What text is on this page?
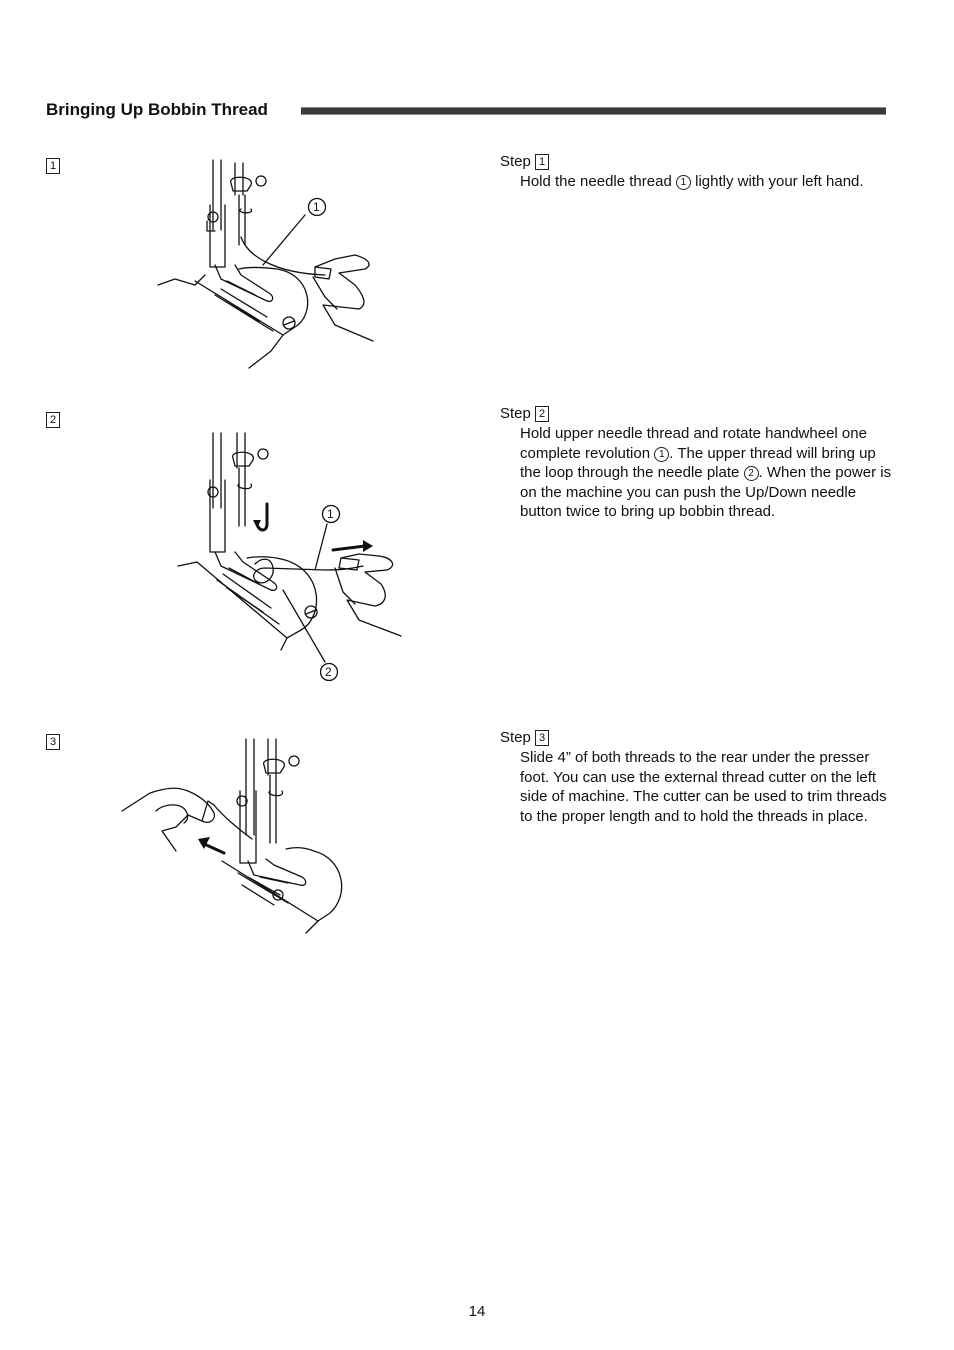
Bringing Up Bobbin Thread
1
1
Step 1
Hold the needle thread 1 lightly with your left hand.
2
1
2
Step 2
Hold upper needle thread and rotate handwheel one complete revolution 1 . The upper thread will bring up the loop through the needle plate 2 . When the power is on the machine you can push the Up/Down needle button twice to bring up bobbin thread.
3	Step 3
Slide 4” of both threads to the rear under the presser foot. You can use the external thread cutter on the left side of machine. The cutter can be used to trim threads to the proper length and to hold the threads in place.
14
